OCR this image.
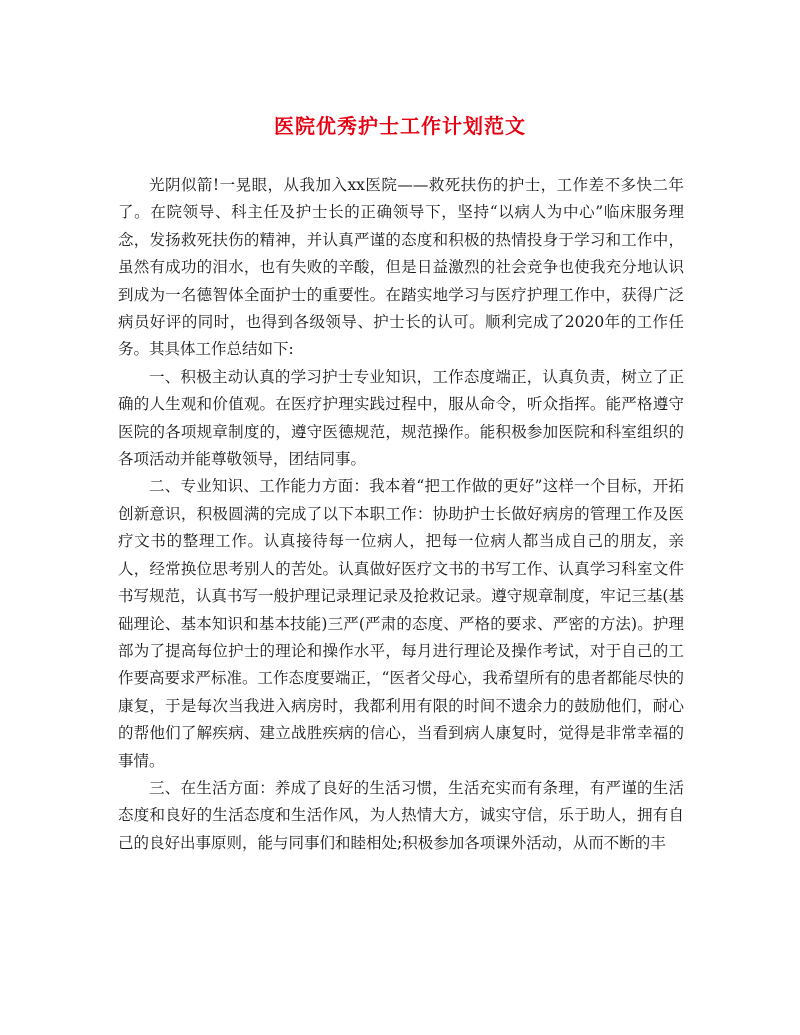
医院优秀护士工作计划范文

光阴似箭!一晃眼，从我加入xx医院——救死扶伤的护士，工作差不多快二年了。在院领导、科主任及护士长的正确领导下，坚持“以病人为中心”临床服务理念，发扬救死扶伤的精神，并认真严谨的态度和积极的热情投身于学习和工作中，虽然有成功的泪水，也有失败的辛酸，但是日益激烈的社会竞争也使我充分地认识到成为一名德智体全面护士的重要性。在踏实地学习与医疗护理工作中，获得广泛病员好评的同时，也得到各级领导、护士长的认可。顺利完成了2020年的工作任务。其具体工作总结如下:

一、积极主动认真的学习护士专业知识，工作态度端正，认真负责，树立了正确的人生观和价值观。在医疗护理实践过程中，服从命令，听众指挥。能严格遵守医院的各项规章制度的，遵守医德规范，规范操作。能积极参加医院和科室组织的各项活动并能尊敬领导，团结同事。

二、专业知识、工作能力方面：我本着“把工作做的更好”这样一个目标，开拓创新意识，积极圆满的完成了以下本职工作：协助护士长做好病房的管理工作及医疗文书的整理工作。认真接待每一位病人，把每一位病人都当成自己的朋友，亲人，经常换位思考别人的苦处。认真做好医疗文书的书写工作、认真学习科室文件书写规范，认真书写一般护理记录理记录及抢救记录。遵守规章制度，牢记三基(基础理论、基本知识和基本技能)三严(严肃的态度、严格的要求、严密的方法)。护理部为了提高每位护士的理论和操作水平，每月进行理论及操作考试，对于自己的工作要高要求严标准。工作态度要端正，“医者父母心，我希望所有的患者都能尽快的康复，于是每次当我进入病房时，我都利用有限的时间不遗余力的鼓励他们，耐心的帮他们了解疾病、建立战胜疾病的信心，当看到病人康复时，觉得是非常幸福的事情。

三、在生活方面：养成了良好的生活习惯，生活充实而有条理，有严谨的生活态度和良好的生活态度和生活作风，为人热情大方，诚实守信，乐于助人，拥有自己的良好出事原则，能与同事们和睦相处;积极参加各项课外活动，从而不断的丰
